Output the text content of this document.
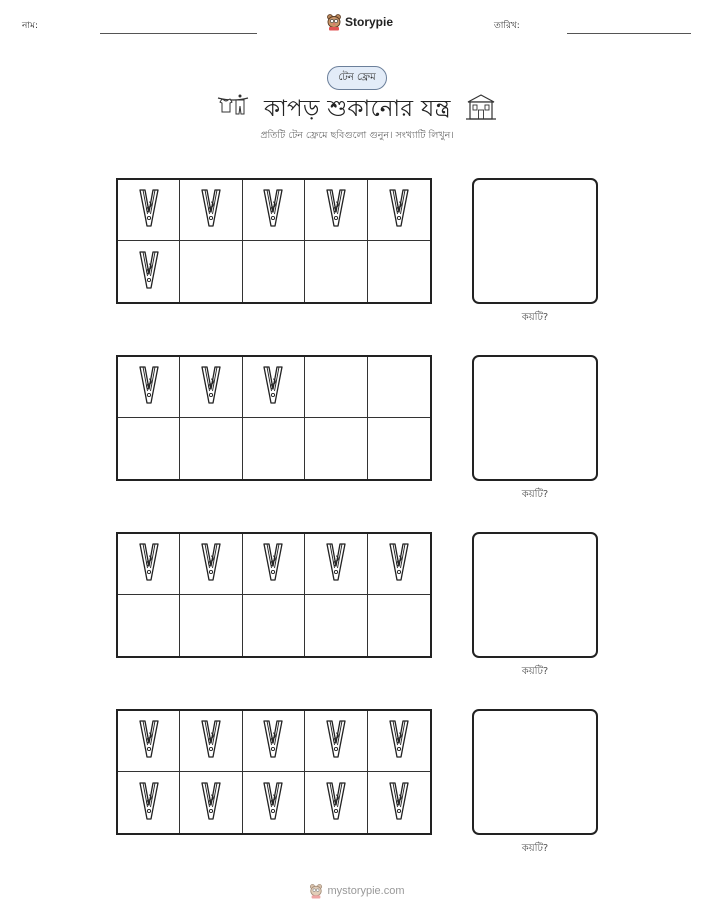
নাম:	Storypie	তারিখ:
টেন ফ্রেম
কাপড় শুকানোর যন্ত্র
প্রতিটি টেন ফ্রেমে ছবিগুলো গুনুন। সংখ্যাটি লিখুন।
কয়টি?
কয়টি?
কয়টি?
কয়টি?
mystorypie.com
